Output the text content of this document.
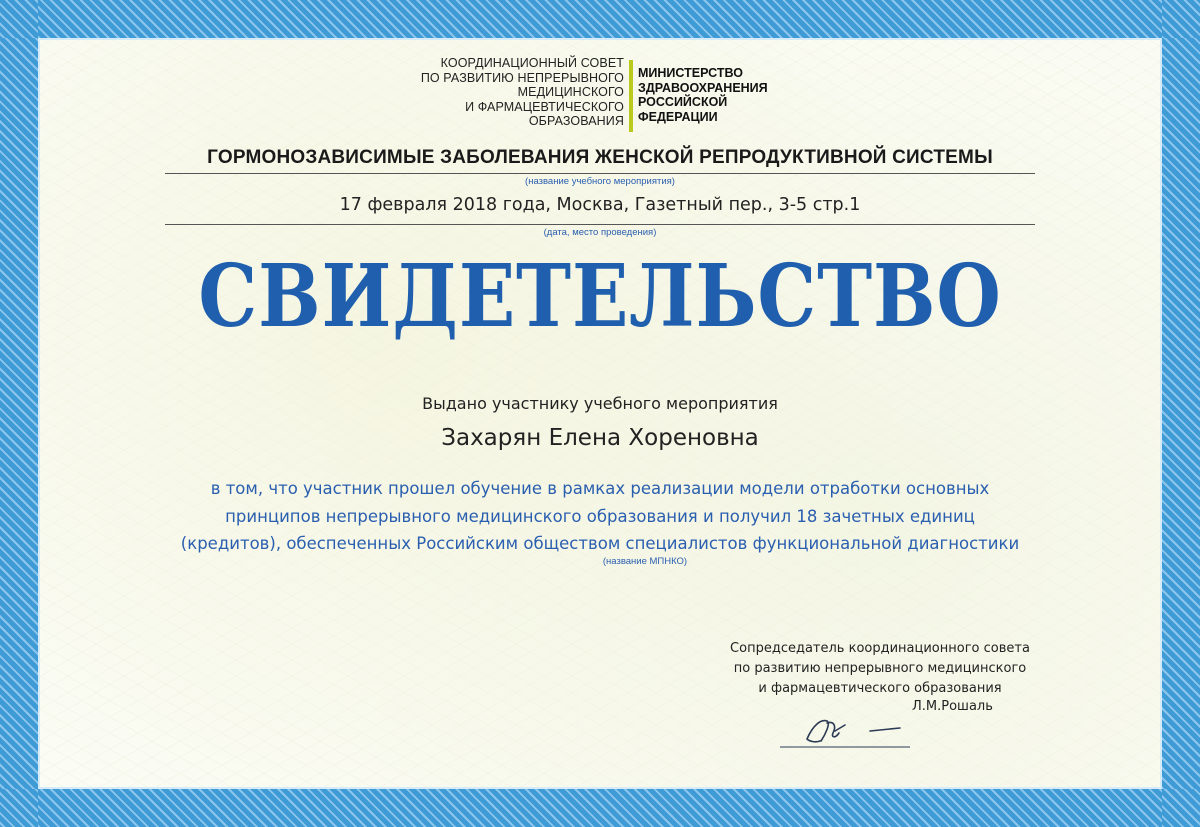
КООРДИНАЦИОННЫЙ СОВЕТ
ПО РАЗВИТИЮ НЕПРЕРЫВНОГО
МЕДИЦИНСКОГО
И ФАРМАЦЕВТИЧЕСКОГО
ОБРАЗОВАНИЯ
МИНИСТЕРСТВО
ЗДРАВООХРАНЕНИЯ
РОССИЙСКОЙ
ФЕДЕРАЦИИ
ГОРМОНОЗАВИСИМЫЕ ЗАБОЛЕВАНИЯ ЖЕНСКОЙ РЕПРОДУКТИВНОЙ СИСТЕМЫ
(название учебного мероприятия)
17 февраля 2018 года, Москва, Газетный пер., 3-5 стр.1
(дата, место проведения)
СВИДЕТЕЛЬСТВО
Выдано участнику учебного мероприятия
Захарян Елена Хореновна
в том, что участник прошел обучение в рамках реализации модели отработки основных
принципов непрерывного медицинского образования и получил 18 зачетных единиц
(кредитов), обеспеченных Российским обществом специалистов функциональной диагностики
(название МПНКО)
Сопредседатель координационного совета
по развитию непрерывного медицинского
и фармацевтического образования
Л.М.Рошаль
